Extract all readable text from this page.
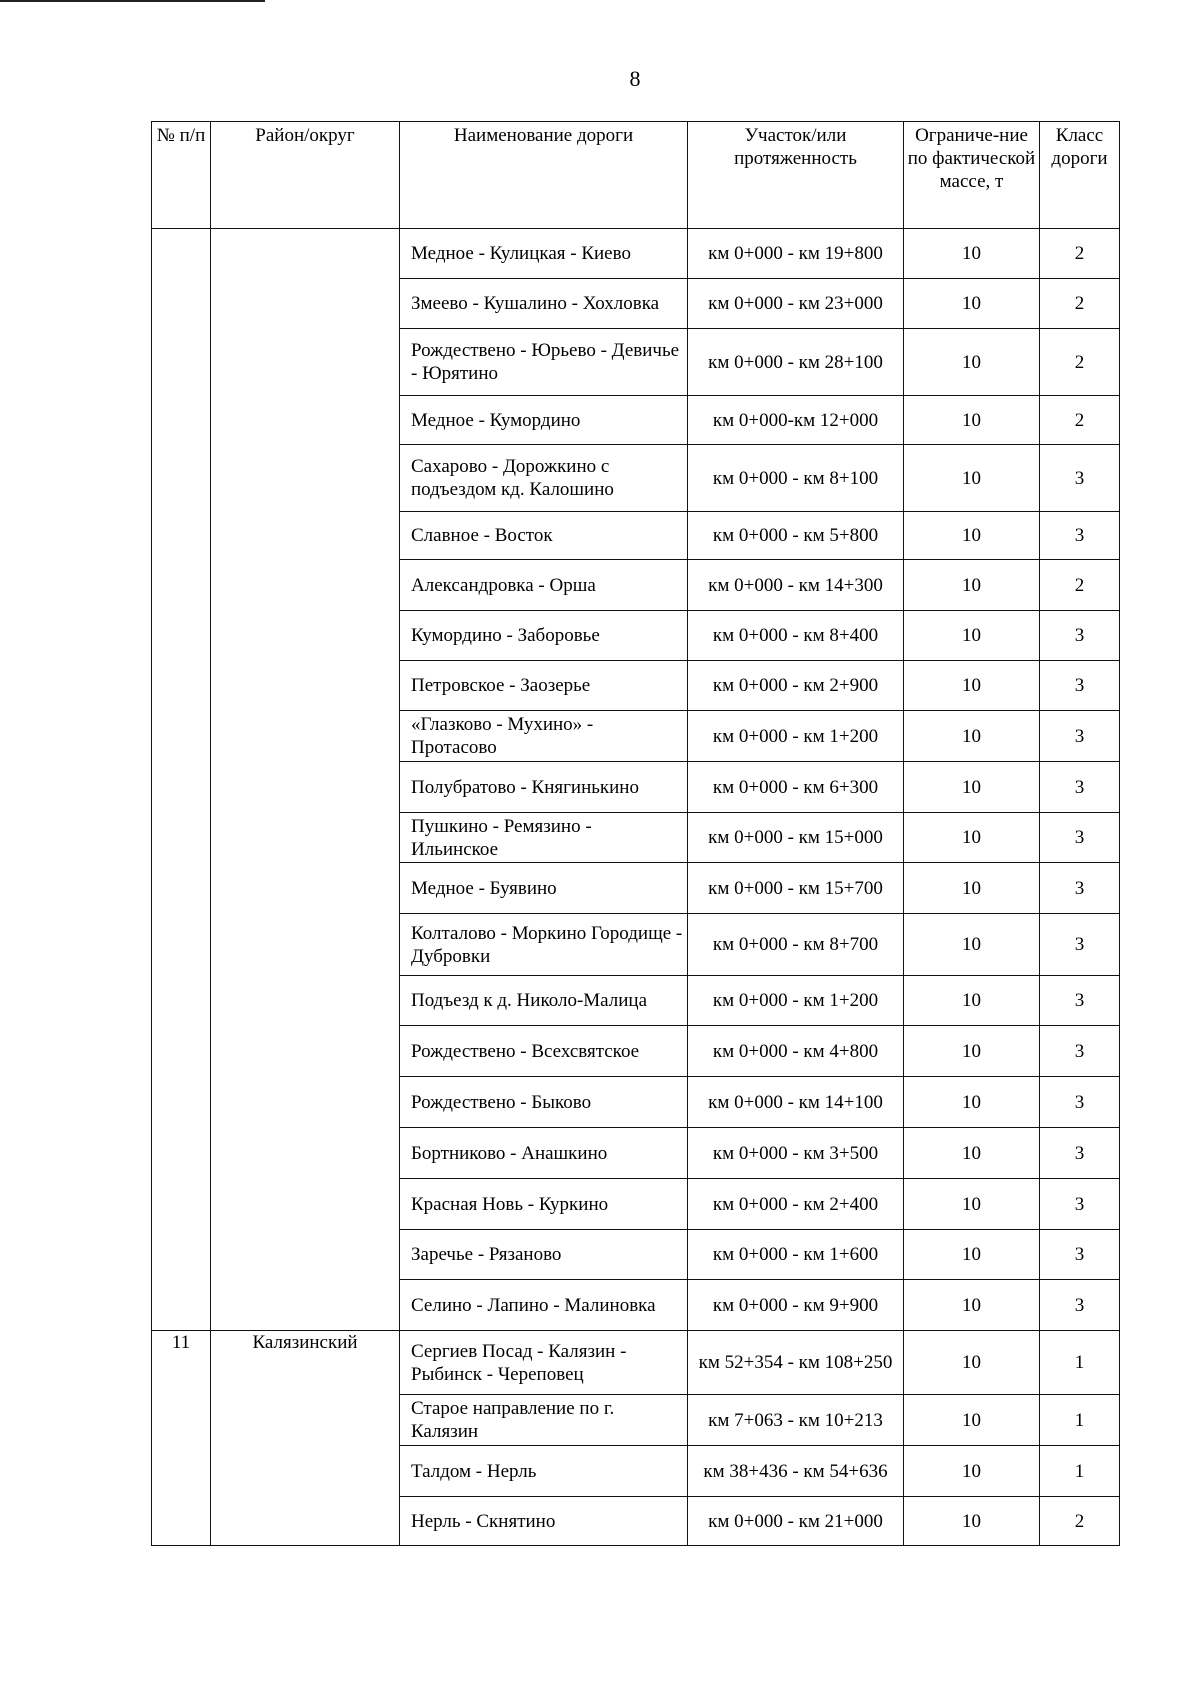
8
№ п/п	Район/округ	Наименование дороги	Участок/или протяженность	Ограниче-ние по фактической массе, т	Класс дороги
		Медное - Кулицкая - Киево	км 0+000 - км 19+800	10	2
		Змеево - Кушалино - Хохловка	км 0+000 - км 23+000	10	2
		Рождествено - Юрьево - Девичье - Юрятино	км 0+000 - км 28+100	10	2
		Медное - Кумордино	км 0+000-км 12+000	10	2
		Сахарово - Дорожкино с подъездом кд. Калошино	км 0+000 - км 8+100	10	3
		Славное - Восток	км 0+000 - км 5+800	10	3
		Александровка - Орша	км 0+000 - км 14+300	10	2
		Кумордино - Заборовье	км 0+000 - км 8+400	10	3
		Петровское - Заозерье	км 0+000 - км 2+900	10	3
		«Глазково - Мухино» - Протасово	км 0+000 - км 1+200	10	3
		Полубратово - Княгинькино	км 0+000 - км 6+300	10	3
		Пушкино - Ремязино - Ильинское	км 0+000 - км 15+000	10	3
		Медное - Буявино	км 0+000 - км 15+700	10	3
		Колталово - Моркино Городище - Дубровки	км 0+000 - км 8+700	10	3
		Подъезд к д. Николо-Малица	км 0+000 - км 1+200	10	3
		Рождествено - Всехсвятское	км 0+000 - км 4+800	10	3
		Рождествено - Быково	км 0+000 - км 14+100	10	3
		Бортниково - Анашкино	км 0+000 - км 3+500	10	3
		Красная Новь - Куркино	км 0+000 - км 2+400	10	3
		Заречье - Рязаново	км 0+000 - км 1+600	10	3
		Селино - Лапино - Малиновка	км 0+000 - км 9+900	10	3
11	Калязинский	Сергиев Посад - Калязин - Рыбинск - Череповец	км 52+354 - км 108+250	10	1
		Старое направление по г. Калязин	км 7+063 - км 10+213	10	1
		Талдом - Нерль	км 38+436 - км 54+636	10	1
		Нерль - Скнятино	км 0+000 - км 21+000	10	2
